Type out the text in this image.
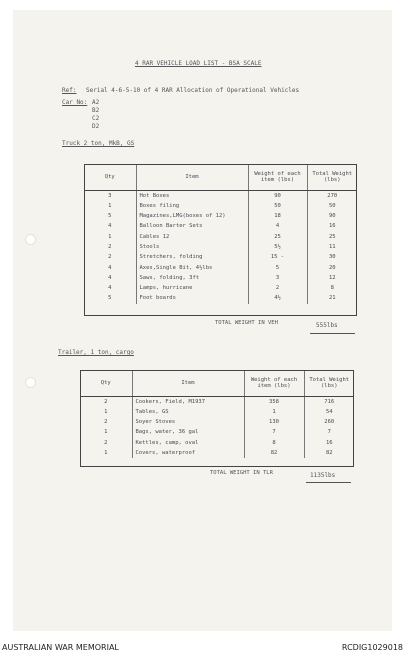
4 RAR VEHICLE LOAD LIST - BSA SCALE
Ref: Serial 4-6-5-10 of 4 RAR Allocation of Operational Vehicles
Car No: A2
B2
C2
D2
Truck 2 ton, MkB, GS
Qty	Item	Weight of each item (lbs)	Total Weight (lbs)
3	Hot Boxes	90	270
1	Boxes filing	50	50
5	Magazines,LMG(boxes of 12)	18	90
4	Balloon Barter Sets	4	16
1	Cables 12	25	25
2	Stools	5½	11
2	Stretchers, folding	15 -	30
4	Axes,Single Bit, 4½lbs	5	20
4	Saws, folding, 3ft	3	12
4	Lamps, hurricane	2	8
5	Foot boards	4½	21
TOTAL WEIGHT IN VEH	555lbs
Trailer, 1 ton, cargo
Qty	Item	Weight of each item (lbs)	Total Weight (lbs)
2	Cookers, Field, M1937	358	716
1	Tables, GS	1	54
2	Soyer Stoves	130	260
1	Bags, water, 36 gal	7	7
2	Kettles, camp, oval	8	16
1	Covers, waterproof	82	82
TOTAL WEIGHT IN TLR	1135lbs
AUSTRALIAN WAR MEMORIAL	RCDIG1029018
